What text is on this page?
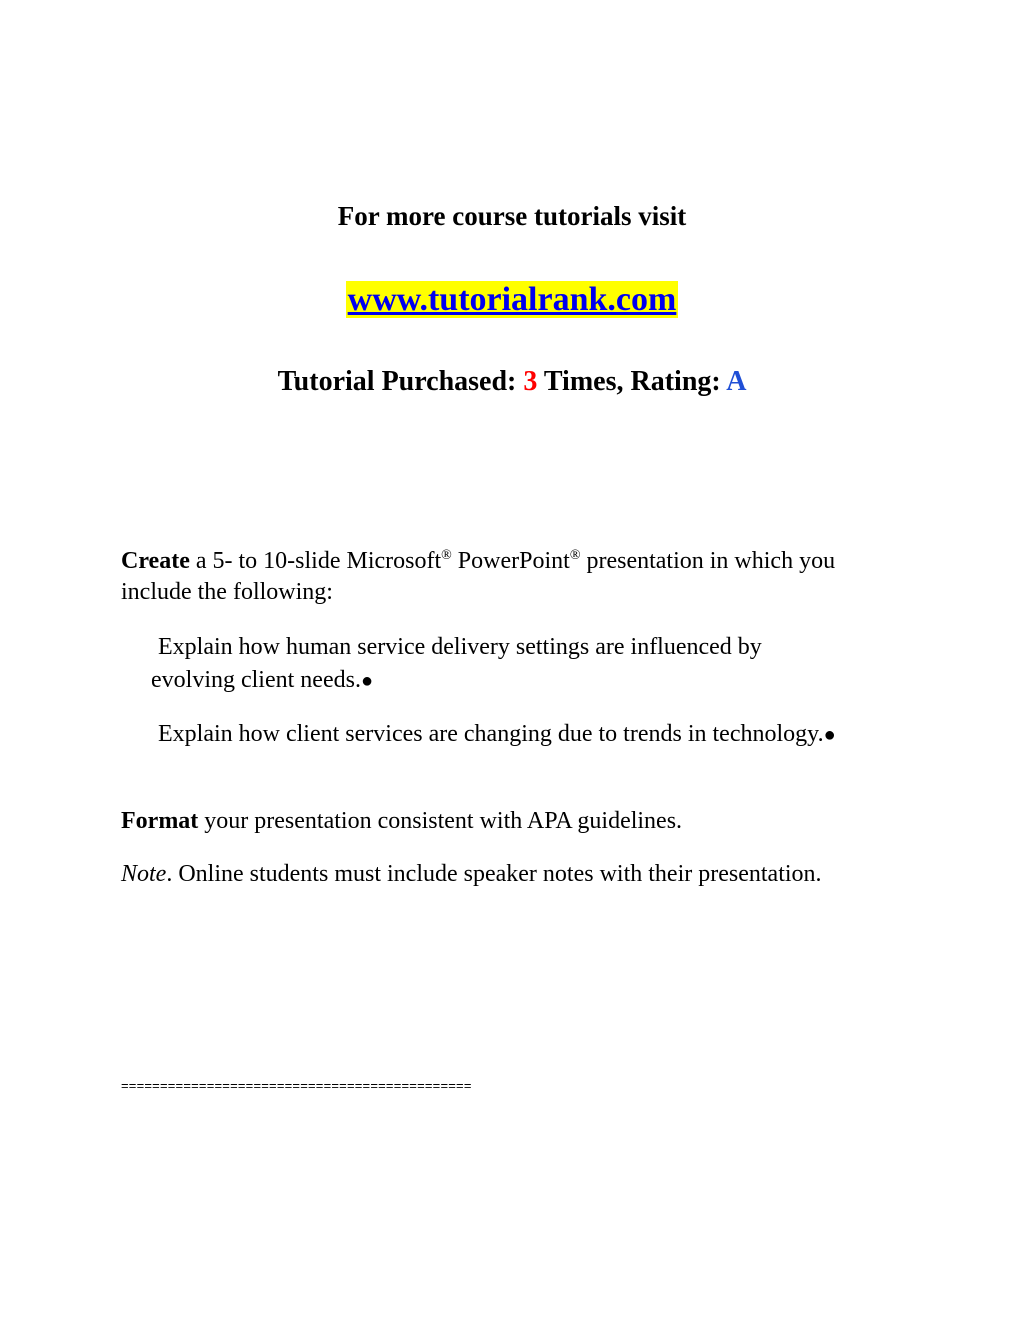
For more course tutorials visit
www.tutorialrank.com
Tutorial Purchased: 3 Times, Rating: A
Create a 5- to 10-slide Microsoft® PowerPoint® presentation in which you include the following:
Explain how human service delivery settings are influenced by evolving client needs.●
Explain how client services are changing due to trends in technology.●
Format your presentation consistent with APA guidelines.
Note. Online students must include speaker notes with their presentation.
=============================================
